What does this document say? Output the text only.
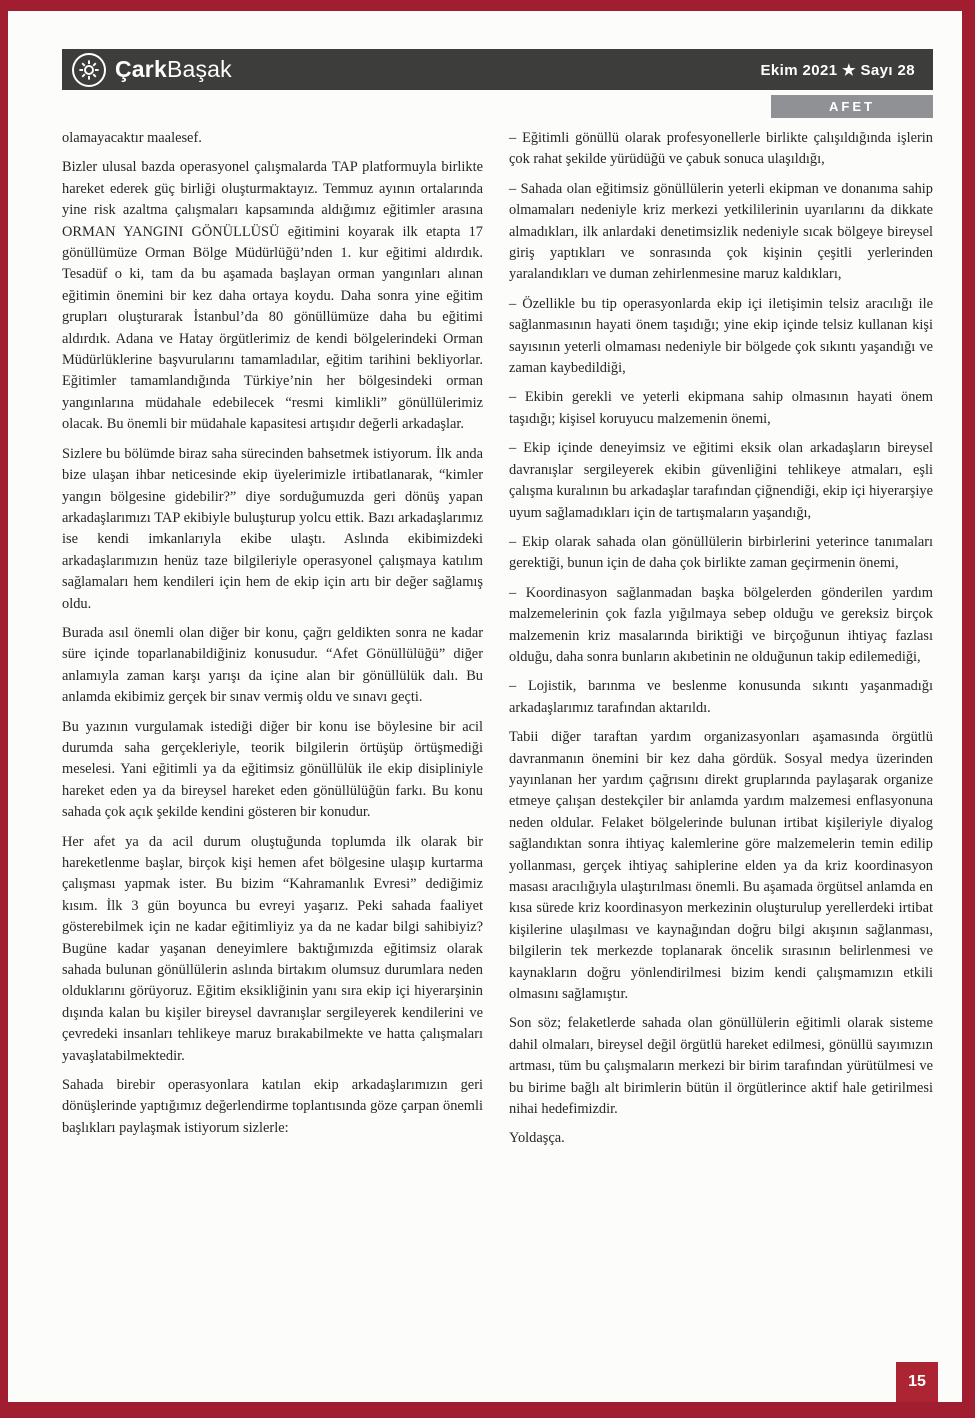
ÇarkBaşak	Ekim 2021 ★ Sayı 28
AFET

olamayacaktır maalesef.

Bizler ulusal bazda operasyonel çalışmalarda TAP platformuyla birlikte hareket ederek güç birliği oluşturmaktayız. Temmuz ayının ortalarında yine risk azaltma çalışmaları kapsamında aldığımız eğitimler arasına ORMAN YANGINI GÖNÜLLÜSÜ eğitimini koyarak ilk etapta 17 gönüllümüze Orman Bölge Müdürlüğü’nden 1. kur eğitimi aldırdık. Tesadüf o ki, tam da bu aşamada başlayan orman yangınları alınan eğitimin önemini bir kez daha ortaya koydu. Daha sonra yine eğitim grupları oluşturarak İstanbul’da 80 gönüllümüze daha bu eğitimi aldırdık. Adana ve Hatay örgütlerimiz de kendi bölgelerindeki Orman Müdürlüklerine başvurularını tamamladılar, eğitim tarihini bekliyorlar. Eğitimler tamamlandığında Türkiye’nin her bölgesindeki orman yangınlarına müdahale edebilecek “resmi kimlikli” gönüllülerimiz olacak. Bu önemli bir müdahale kapasitesi artışıdır değerli arkadaşlar.

Sizlere bu bölümde biraz saha sürecinden bahsetmek istiyorum. İlk anda bize ulaşan ihbar neticesinde ekip üyelerimizle irtibatlanarak, “kimler yangın bölgesine gidebilir?” diye sorduğumuzda geri dönüş yapan arkadaşlarımızı TAP ekibiyle buluşturup yolcu ettik. Bazı arkadaşlarımız ise kendi imkanlarıyla ekibe ulaştı. Aslında ekibimizdeki arkadaşlarımızın henüz taze bilgileriyle operasyonel çalışmaya katılım sağlamaları hem kendileri için hem de ekip için artı bir değer sağlamış oldu.

Burada asıl önemli olan diğer bir konu, çağrı geldikten sonra ne kadar süre içinde toparlanabildiğiniz konusudur. “Afet Gönüllülüğü” diğer anlamıyla zaman karşı yarışı da içine alan bir gönüllülük dalı. Bu anlamda ekibimiz gerçek bir sınav vermiş oldu ve sınavı geçti.

Bu yazının vurgulamak istediği diğer bir konu ise böylesine bir acil durumda saha gerçekleriyle, teorik bilgilerin örtüşüp örtüşmediği meselesi. Yani eğitimli ya da eğitimsiz gönüllülük ile ekip disipliniyle hareket eden ya da bireysel hareket eden gönüllülüğün farkı. Bu konu sahada çok açık şekilde kendini gösteren bir konudur.

Her afet ya da acil durum oluştuğunda toplumda ilk olarak bir hareketlenme başlar, birçok kişi hemen afet bölgesine ulaşıp kurtarma çalışması yapmak ister. Bu bizim “Kahramanlık Evresi” dediğimiz kısım. İlk 3 gün boyunca bu evreyi yaşarız. Peki sahada faaliyet gösterebilmek için ne kadar eğitimliyiz ya da ne kadar bilgi sahibiyiz? Bugüne kadar yaşanan deneyimlere baktığımızda eğitimsiz olarak sahada bulunan gönüllülerin aslında birtakım olumsuz durumlara neden olduklarını görüyoruz. Eğitim eksikliğinin yanı sıra ekip içi hiyerarşinin dışında kalan bu kişiler bireysel davranışlar sergileyerek kendilerini ve çevredeki insanları tehlikeye maruz bırakabilmekte ve hatta çalışmaları yavaşlatabilmektedir.

Sahada birebir operasyonlara katılan ekip arkadaşlarımızın geri dönüşlerinde yaptığımız değerlendirme toplantısında göze çarpan önemli başlıkları paylaşmak istiyorum sizlerle:

– Eğitimli gönüllü olarak profesyonellerle birlikte çalışıldığında işlerin çok rahat şekilde yürüdüğü ve çabuk sonuca ulaşıldığı,

– Sahada olan eğitimsiz gönüllülerin yeterli ekipman ve donanıma sahip olmamaları nedeniyle kriz merkezi yetkililerinin uyarılarını da dikkate almadıkları, ilk anlardaki denetimsizlik nedeniyle sıcak bölgeye bireysel giriş yaptıkları ve sonrasında çok kişinin çeşitli yerlerinden yaralandıkları ve duman zehirlenmesine maruz kaldıkları,

– Özellikle bu tip operasyonlarda ekip içi iletişimin telsiz aracılığı ile sağlanmasının hayati önem taşıdığı; yine ekip içinde telsiz kullanan kişi sayısının yeterli olmaması nedeniyle bir bölgede çok sıkıntı yaşandığı ve zaman kaybedildiği,

– Ekibin gerekli ve yeterli ekipmana sahip olmasının hayati önem taşıdığı; kişisel koruyucu malzemenin önemi,

– Ekip içinde deneyimsiz ve eğitimi eksik olan arkadaşların bireysel davranışlar sergileyerek ekibin güvenliğini tehlikeye atmaları, eşli çalışma kuralının bu arkadaşlar tarafından çiğnendiği, ekip içi hiyerarşiye uyum sağlamadıkları için de tartışmaların yaşandığı,

– Ekip olarak sahada olan gönüllülerin birbirlerini yeterince tanımaları gerektiği, bunun için de daha çok birlikte zaman geçirmenin önemi,

– Koordinasyon sağlanmadan başka bölgelerden gönderilen yardım malzemelerinin çok fazla yığılmaya sebep olduğu ve gereksiz birçok malzemenin kriz masalarında biriktiği ve birçoğunun ihtiyaç fazlası olduğu, daha sonra bunların akıbetinin ne olduğunun takip edilemediği,

– Lojistik, barınma ve beslenme konusunda sıkıntı yaşanmadığı arkadaşlarımız tarafından aktarıldı.

Tabii diğer taraftan yardım organizasyonları aşamasında örgütlü davranmanın önemini bir kez daha gördük. Sosyal medya üzerinden yayınlanan her yardım çağrısını direkt gruplarında paylaşarak organize etmeye çalışan destekçiler bir anlamda yardım malzemesi enflasyonuna neden oldular. Felaket bölgelerinde bulunan irtibat kişileriyle diyalog sağlandıktan sonra ihtiyaç kalemlerine göre malzemelerin temin edilip yollanması, gerçek ihtiyaç sahiplerine elden ya da kriz koordinasyon masası aracılığıyla ulaştırılması önemli. Bu aşamada örgütsel anlamda en kısa sürede kriz koordinasyon merkezinin oluşturulup yerellerdeki irtibat kişilerine ulaşılması ve kaynağından doğru bilgi akışının sağlanması, bilgilerin tek merkezde toplanarak öncelik sırasının belirlenmesi ve kaynakların doğru yönlendirilmesi bizim kendi çalışmamızın etkili olmasını sağlamıştır.

Son söz; felaketlerde sahada olan gönüllülerin eğitimli olarak sisteme dahil olmaları, bireysel değil örgütlü hareket edilmesi, gönüllü sayımızın artması, tüm bu çalışmaların merkezi bir birim tarafından yürütülmesi ve bu birime bağlı alt birimlerin bütün il örgütlerince aktif hale getirilmesi nihai hedefimizdir.

Yoldaşça.

15
